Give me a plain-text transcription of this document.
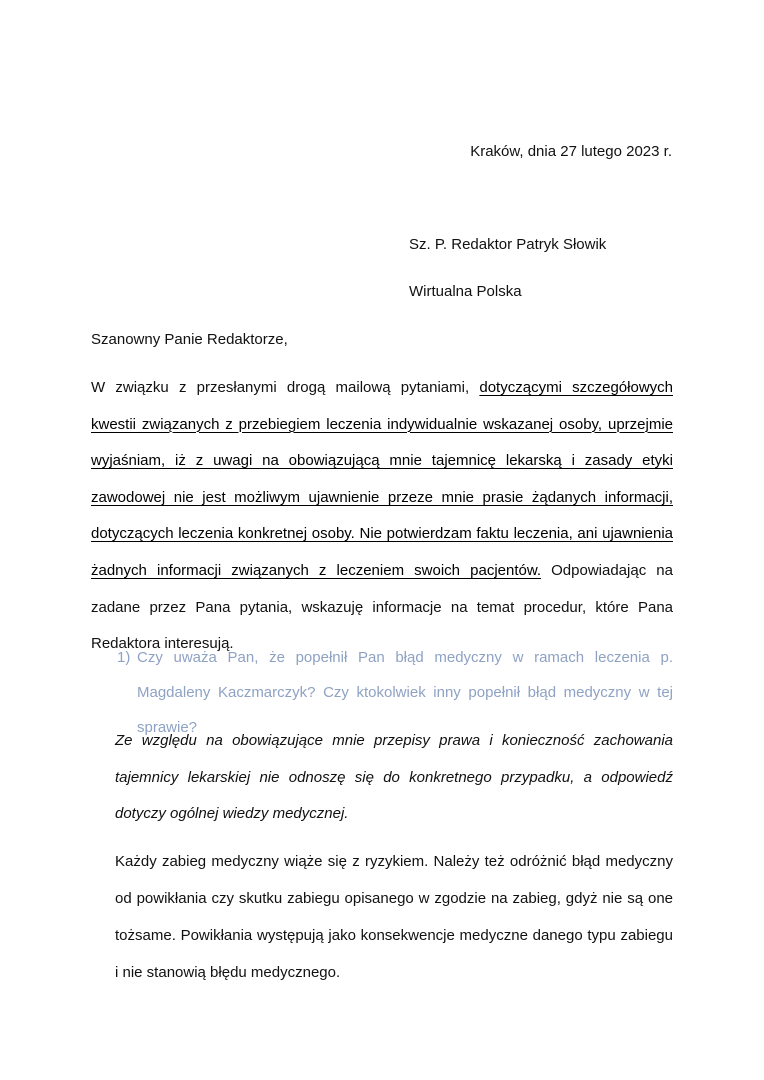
Kraków, dnia 27 lutego 2023 r.
Sz. P. Redaktor Patryk Słowik
Wirtualna Polska
Szanowny Panie Redaktorze,
W związku z przesłanymi drogą mailową pytaniami, dotyczącymi szczegółowych kwestii związanych z przebiegiem leczenia indywidualnie wskazanej osoby, uprzejmie wyjaśniam, iż z uwagi na obowiązującą mnie tajemnicę lekarską i zasady etyki zawodowej nie jest możliwym ujawnienie przeze mnie prasie żądanych informacji, dotyczących leczenia konkretnej osoby. Nie potwierdzam faktu leczenia, ani ujawnienia żadnych informacji związanych z leczeniem swoich pacjentów. Odpowiadając na zadane przez Pana pytania, wskazuję informacje na temat procedur, które Pana Redaktora interesują.
1) Czy uważa Pan, że popełnił Pan błąd medyczny w ramach leczenia p. Magdaleny Kaczmarczyk? Czy ktokolwiek inny popełnił błąd medyczny w tej sprawie?
Ze względu na obowiązujące mnie przepisy prawa i konieczność zachowania tajemnicy lekarskiej nie odnoszę się do konkretnego przypadku, a odpowiedź dotyczy ogólnej wiedzy medycznej.
Każdy zabieg medyczny wiąże się z ryzykiem. Należy też odróżnić błąd medyczny od powikłania czy skutku zabiegu opisanego w zgodzie na zabieg, gdyż nie są one tożsame. Powikłania występują jako konsekwencje medyczne danego typu zabiegu i nie stanowią błędu medycznego.
